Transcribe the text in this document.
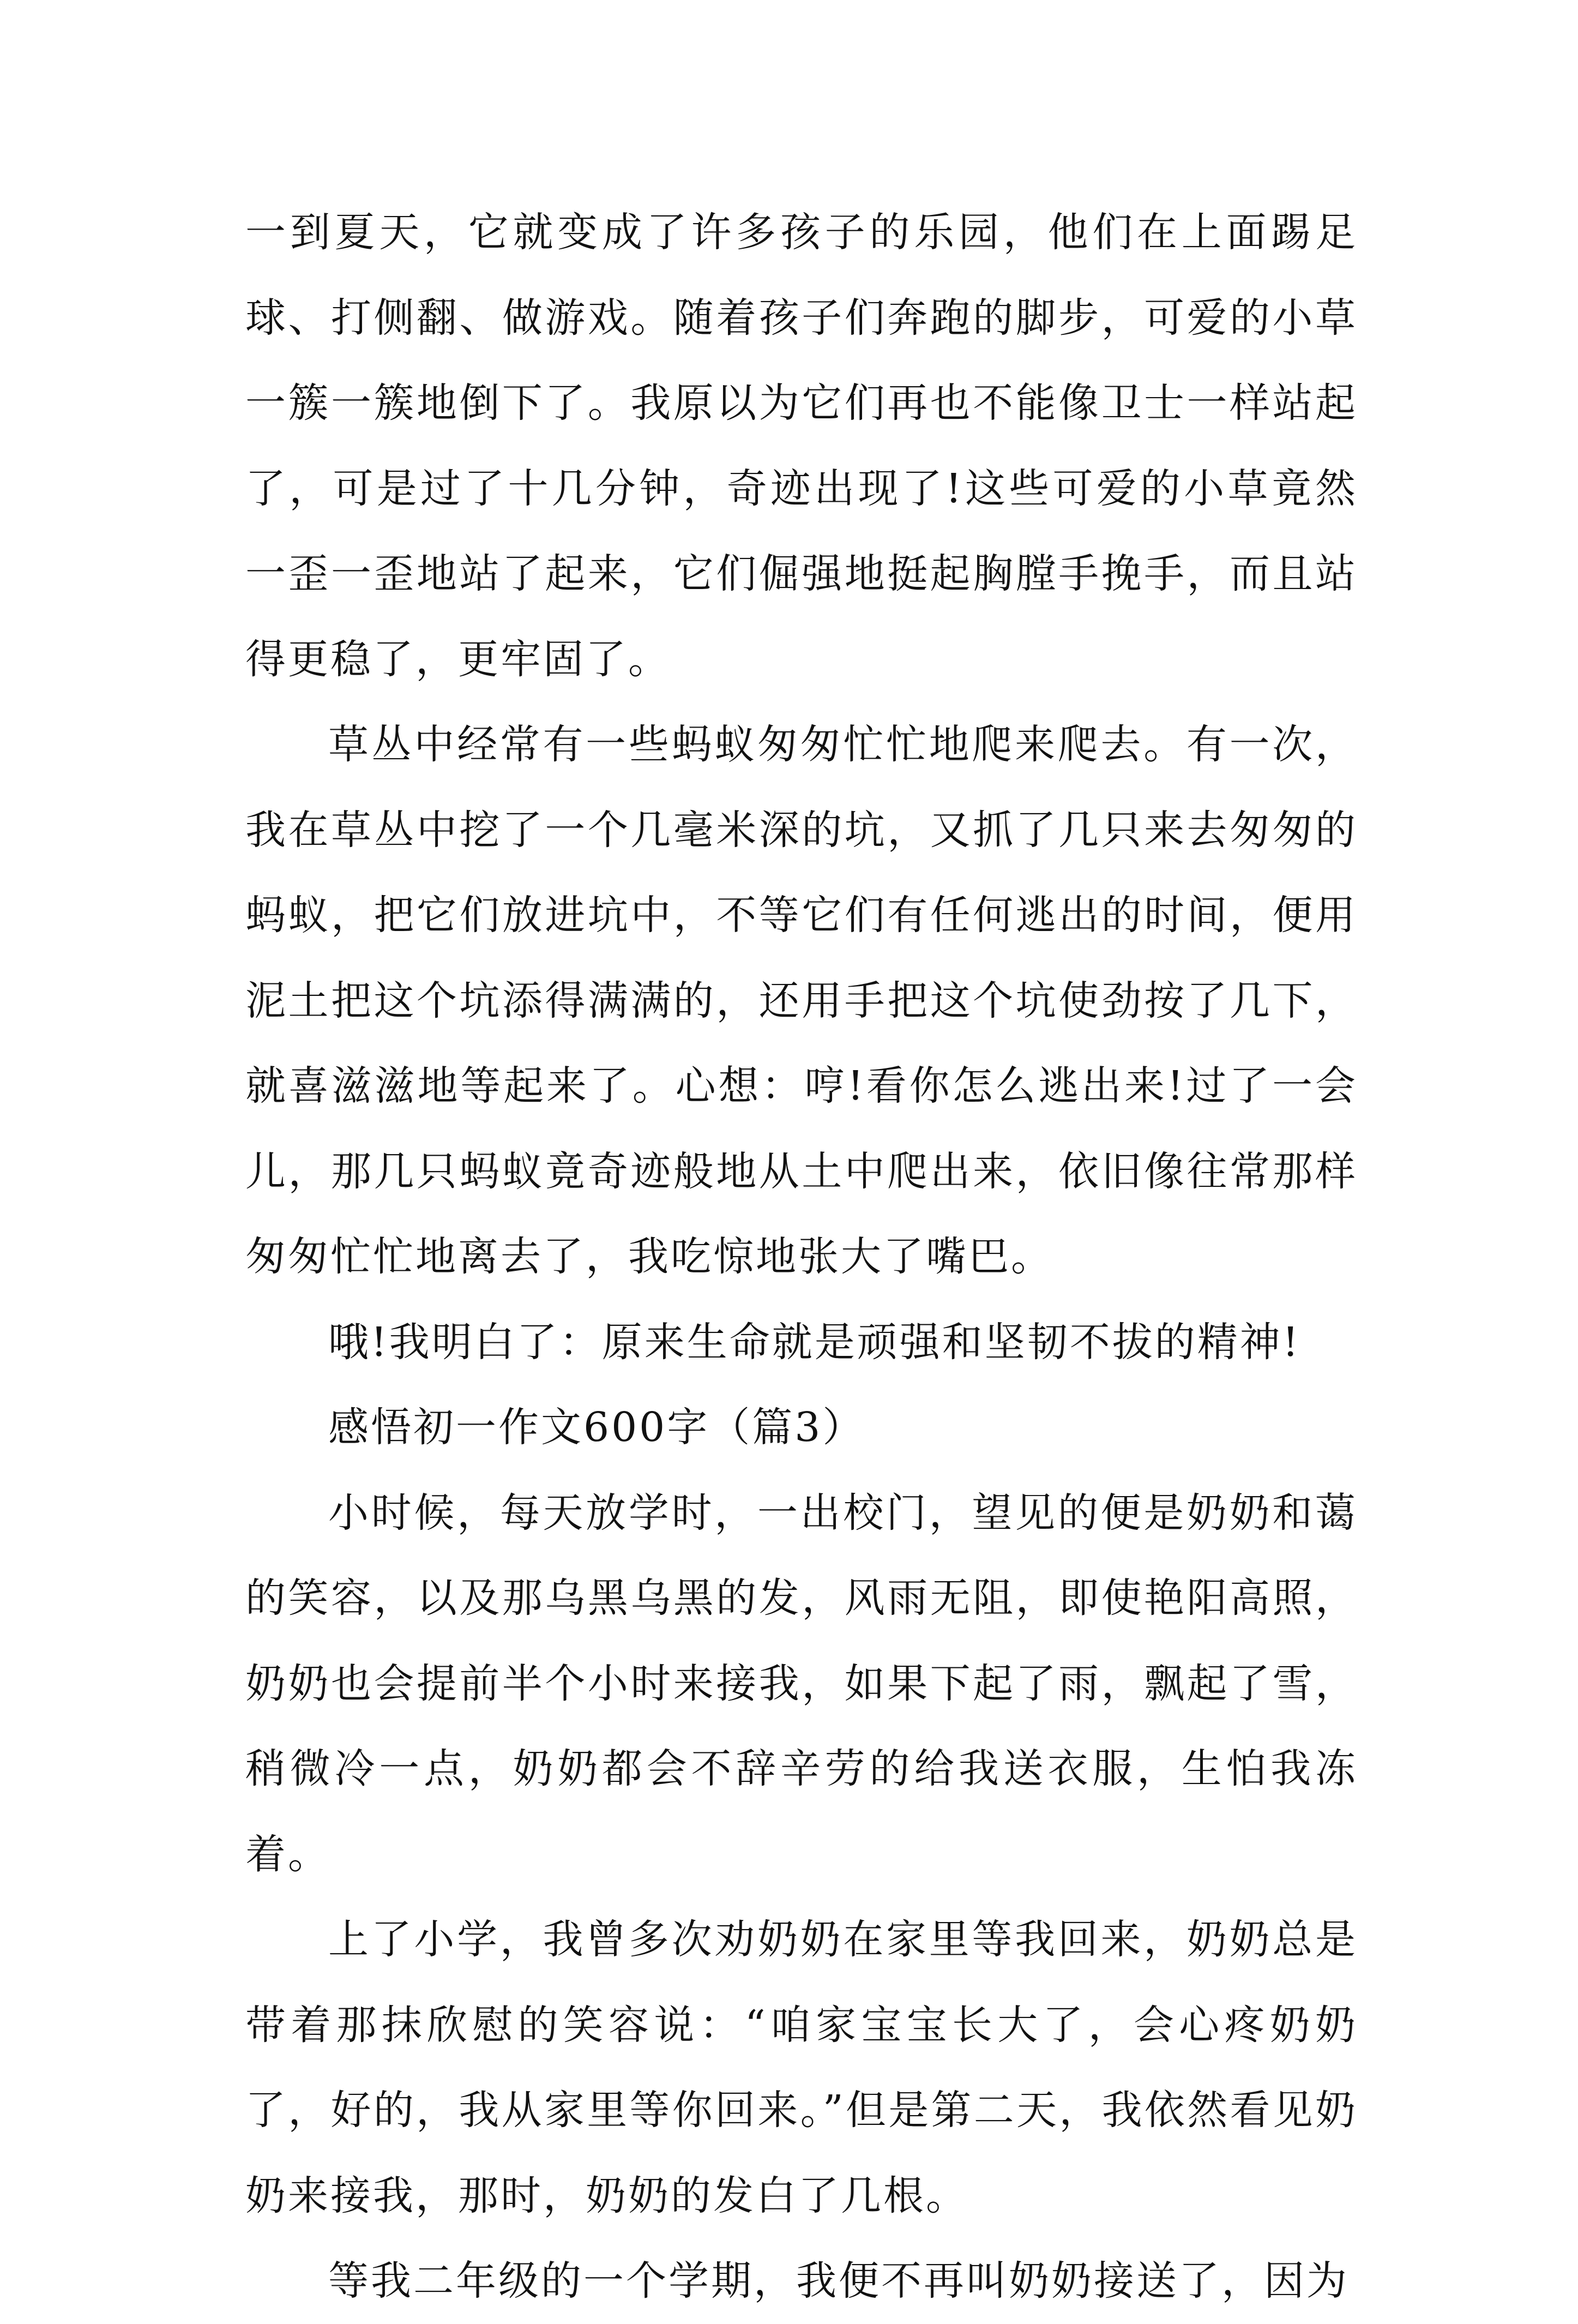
一到夏天，它就变成了许多孩子的乐园，他们在上面踢足球、打侧翻、做游戏。随着孩子们奔跑的脚步，可爱的小草一簇一簇地倒下了。我原以为它们再也不能像卫士一样站起了，可是过了十几分钟，奇迹出现了!这些可爱的小草竟然一歪一歪地站了起来，它们倔强地挺起胸膛手挽手，而且站得更稳了，更牢固了。

草丛中经常有一些蚂蚁匆匆忙忙地爬来爬去。有一次，我在草丛中挖了一个几毫米深的坑，又抓了几只来去匆匆的蚂蚁，把它们放进坑中，不等它们有任何逃出的时间，便用泥土把这个坑添得满满的，还用手把这个坑使劲按了几下，就喜滋滋地等起来了。心想：哼!看你怎么逃出来!过了一会儿，那几只蚂蚁竟奇迹般地从土中爬出来，依旧像往常那样匆匆忙忙地离去了，我吃惊地张大了嘴巴。

哦!我明白了：原来生命就是顽强和坚韧不拔的精神!

感悟初一作文600字（篇3）

小时候，每天放学时，一出校门，望见的便是奶奶和蔼的笑容，以及那乌黑乌黑的发，风雨无阻，即使艳阳高照，奶奶也会提前半个小时来接我，如果下起了雨，飘起了雪，稍微冷一点，奶奶都会不辞辛劳的给我送衣服，生怕我冻着。

上了小学，我曾多次劝奶奶在家里等我回来，奶奶总是带着那抹欣慰的笑容说：“咱家宝宝长大了，会心疼奶奶了，好的，我从家里等你回来。”但是第二天，我依然看见奶奶来接我，那时，奶奶的发白了几根。

等我二年级的一个学期，我便不再叫奶奶接送了，因为
